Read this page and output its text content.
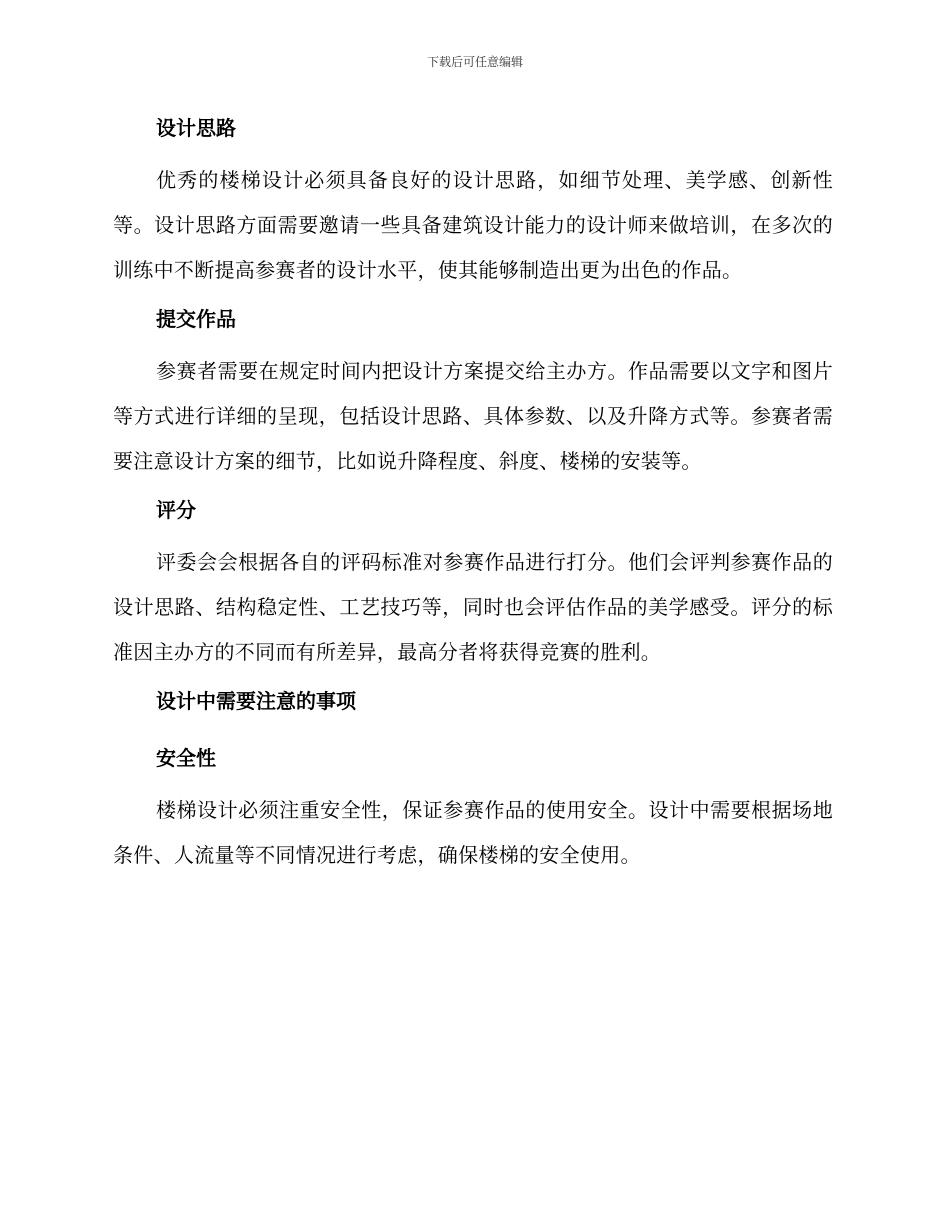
下载后可任意编辑
设计思路

优秀的楼梯设计必须具备良好的设计思路，如细节处理、美学感、创新性等。设计思路方面需要邀请一些具备建筑设计能力的设计师来做培训，在多次的训练中不断提高参赛者的设计水平，使其能够制造出更为出色的作品。

提交作品

参赛者需要在规定时间内把设计方案提交给主办方。作品需要以文字和图片等方式进行详细的呈现，包括设计思路、具体参数、以及升降方式等。参赛者需要注意设计方案的细节，比如说升降程度、斜度、楼梯的安装等。

评分

评委会会根据各自的评码标准对参赛作品进行打分。他们会评判参赛作品的设计思路、结构稳定性、工艺技巧等，同时也会评估作品的美学感受。评分的标准因主办方的不同而有所差异，最高分者将获得竞赛的胜利。

设计中需要注意的事项
安全性

楼梯设计必须注重安全性，保证参赛作品的使用安全。设计中需要根据场地条件、人流量等不同情况进行考虑，确保楼梯的安全使用。
